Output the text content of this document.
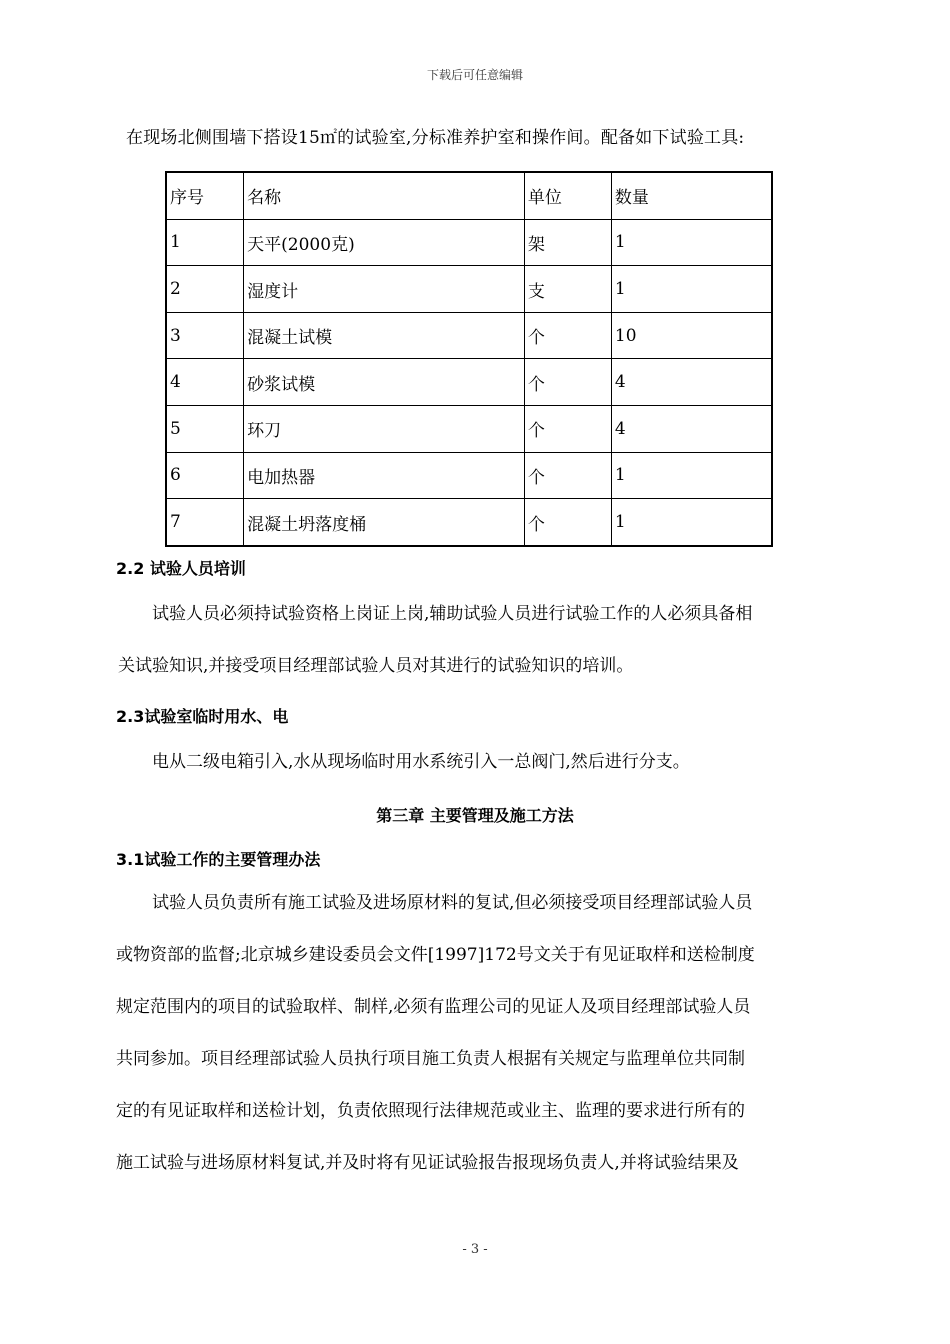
下载后可任意编辑
在现场北侧围墙下搭设15㎡的试验室,分标准养护室和操作间。配备如下试验工具:
序号	名称	单位	数量
1	天平(2000克)	架	1
2	湿度计	支	1
3	混凝土试模	个	10
4	砂浆试模	个	4
5	环刀	个	4
6	电加热器	个	1
7	混凝土坍落度桶	个	1
2.2 试验人员培训
试验人员必须持试验资格上岗证上岗,辅助试验人员进行试验工作的人必须具备相
关试验知识,并接受项目经理部试验人员对其进行的试验知识的培训。
2.3试验室临时用水、电
电从二级电箱引入,水从现场临时用水系统引入一总阀门,然后进行分支。
第三章 主要管理及施工方法
3.1试验工作的主要管理办法
试验人员负责所有施工试验及进场原材料的复试,但必须接受项目经理部试验人员
或物资部的监督;北京城乡建设委员会文件[1997]172号文关于有见证取样和送检制度
规定范围内的项目的试验取样、制样,必须有监理公司的见证人及项目经理部试验人员
共同参加。项目经理部试验人员执行项目施工负责人根据有关规定与监理单位共同制
定的有见证取样和送检计划，负责依照现行法律规范或业主、监理的要求进行所有的
施工试验与进场原材料复试,并及时将有见证试验报告报现场负责人,并将试验结果及
- 3 -
